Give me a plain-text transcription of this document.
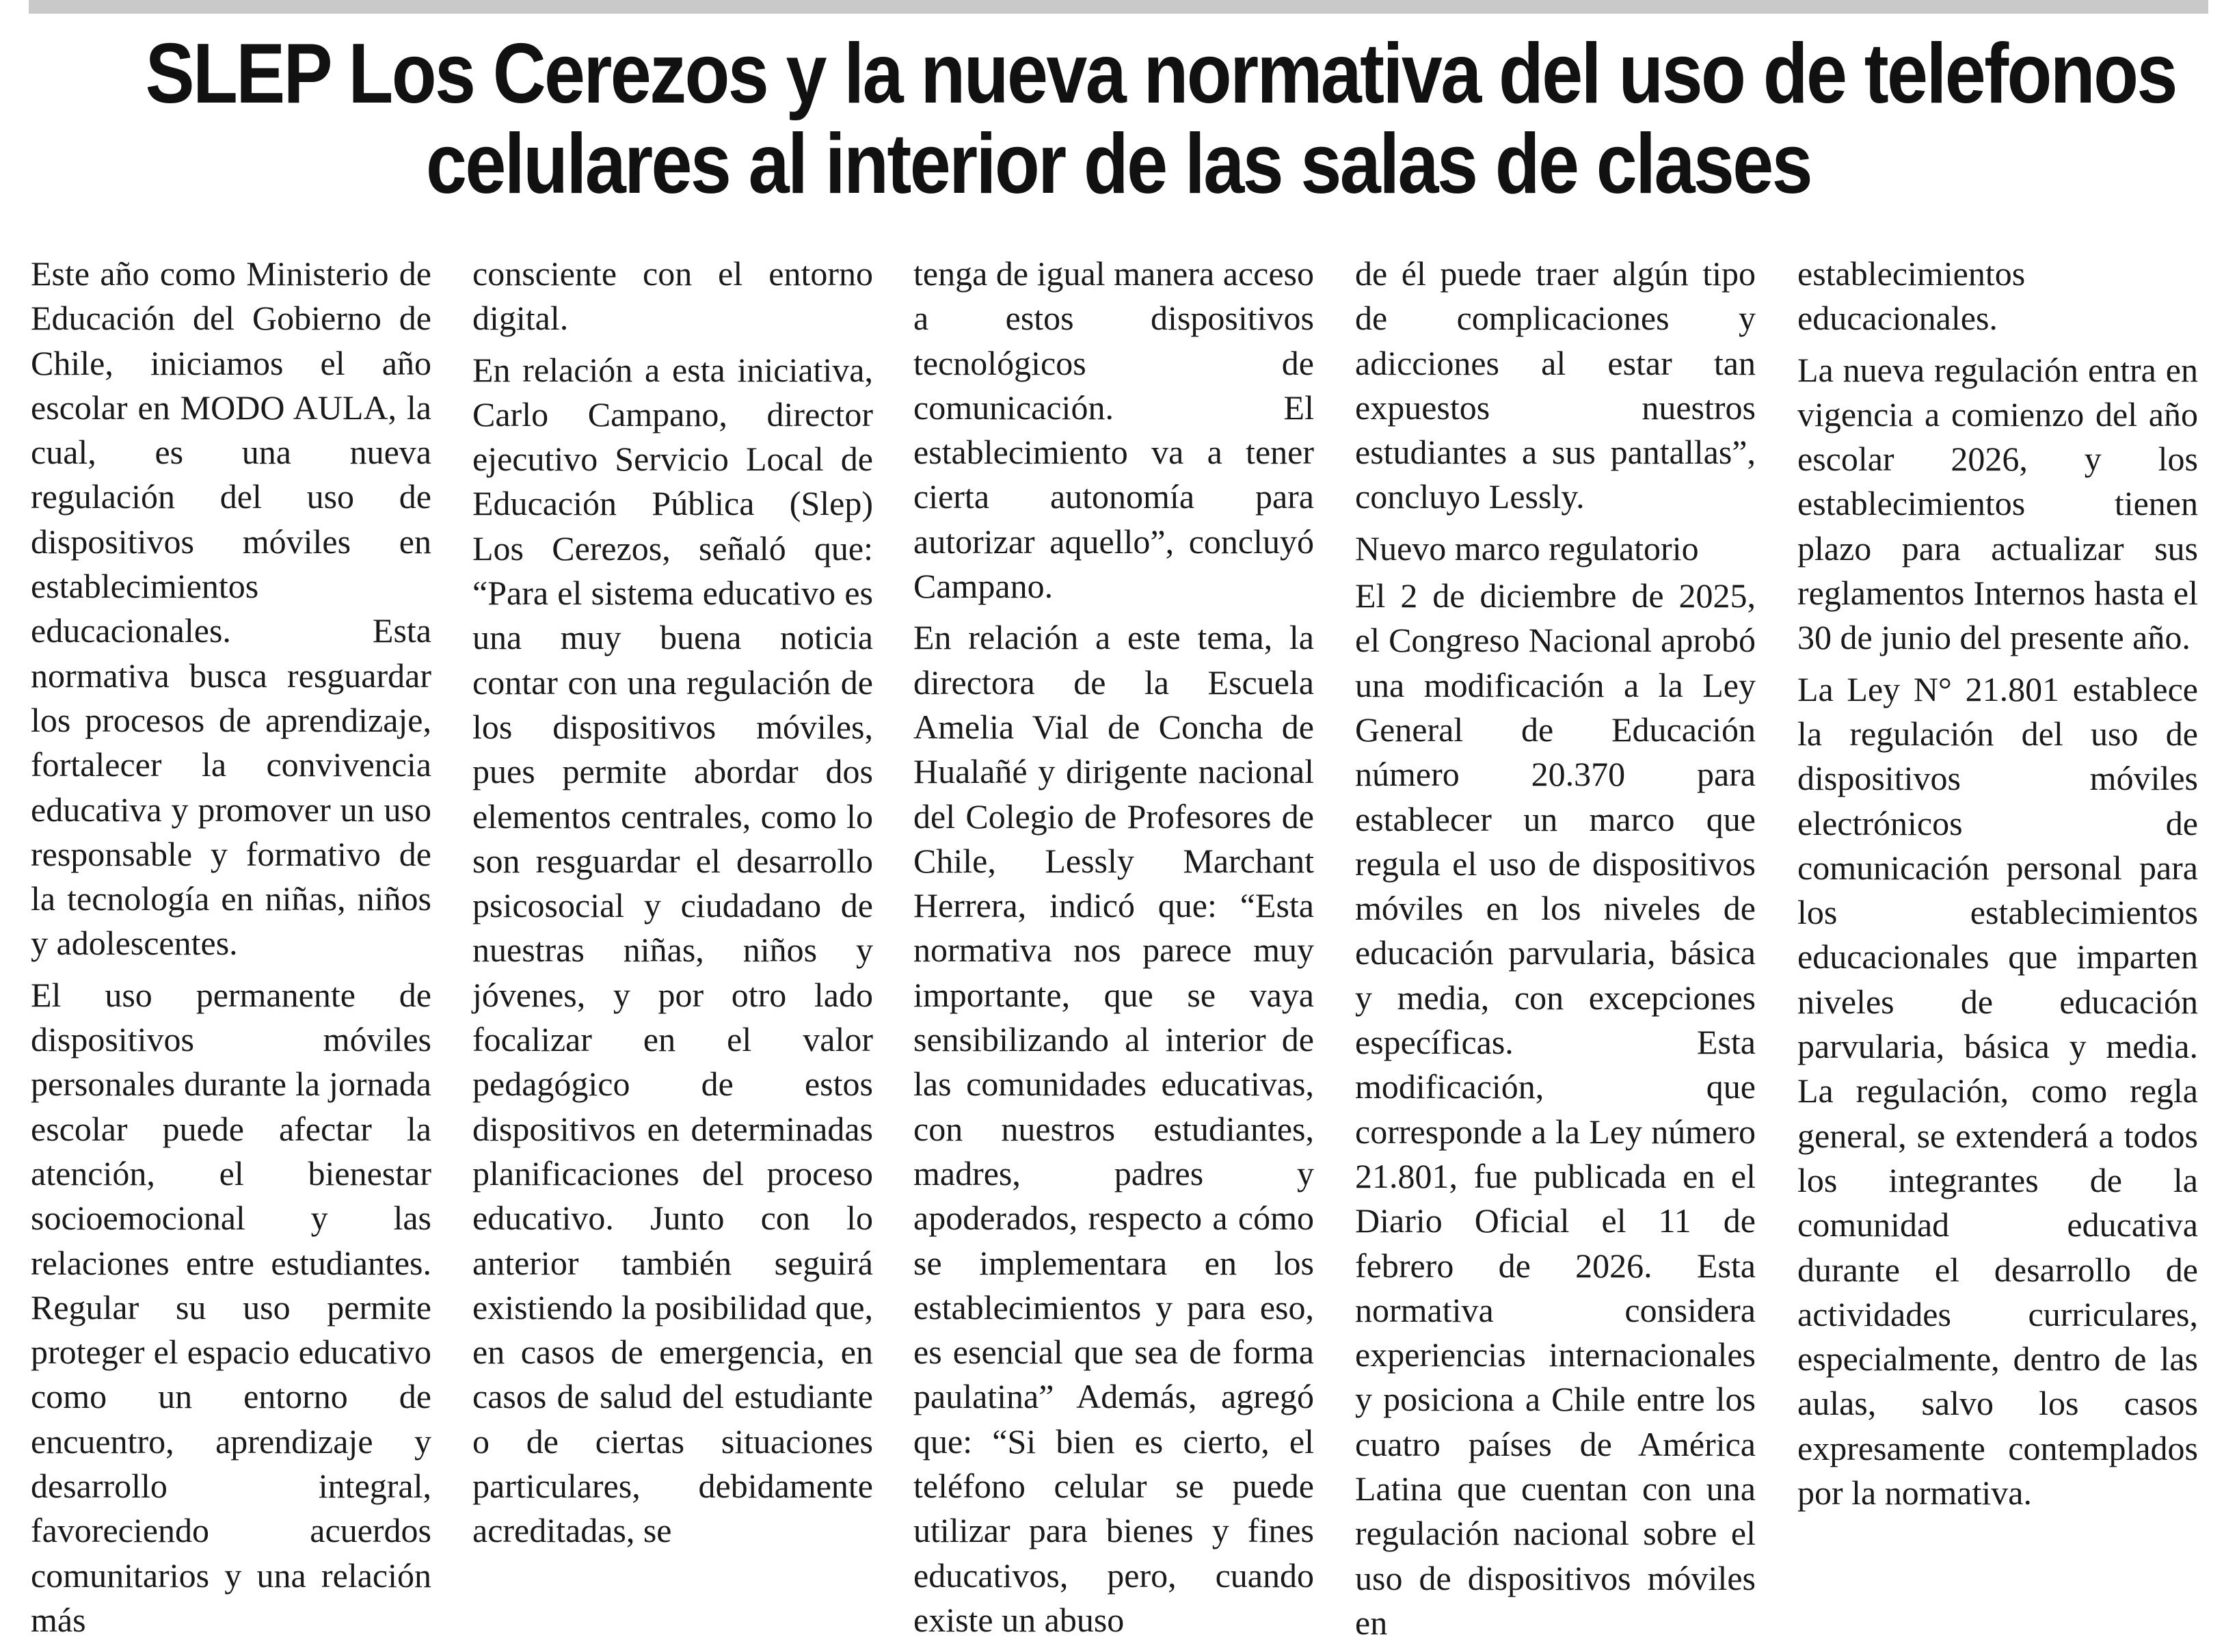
SLEP Los Cerezos y la nueva normativa del uso de telefonos
celulares al interior de las salas de clases

Este año como Ministerio de Educación del Gobierno de Chile, iniciamos el año escolar en MODO AULA, la cual, es una nueva regulación del uso de dispositivos móviles en establecimientos educacionales. Esta normativa busca resguardar los procesos de aprendizaje, fortalecer la convivencia educativa y promover un uso responsable y formativo de la tecnología en niñas, niños y adolescentes.

El uso permanente de dispositivos móviles personales durante la jornada escolar puede afectar la atención, el bienestar socioemocional y las relaciones entre estudiantes. Regular su uso permite proteger el espacio educativo como un entorno de encuentro, aprendizaje y desarrollo integral, favoreciendo acuerdos comunitarios y una relación más

consciente con el entorno digital.

En relación a esta iniciativa, Carlo Campano, director ejecutivo Servicio Local de Educación Pública (Slep) Los Cerezos, señaló que: “Para el sistema educativo es una muy buena noticia contar con una regulación de los dispositivos móviles, pues permite abordar dos elementos centrales, como lo son resguardar el desarrollo psicosocial y ciudadano de nuestras niñas, niños y jóvenes, y por otro lado focalizar en el valor pedagógico de estos dispositivos en determinadas planificaciones del proceso educativo. Junto con lo anterior también seguirá existiendo la posibilidad que, en casos de emergencia, en casos de salud del estudiante o de ciertas situaciones particulares, debidamente acreditadas, se

tenga de igual manera acceso a estos dispositivos tecnológicos de comunicación. El establecimiento va a tener cierta autonomía para autorizar aquello”, concluyó Campano.

En relación a este tema, la directora de la Escuela Amelia Vial de Concha de Hualañé y dirigente nacional del Colegio de Profesores de Chile, Lessly Marchant Herrera, indicó que: “Esta normativa nos parece muy importante, que se vaya sensibilizando al interior de las comunidades educativas, con nuestros estudiantes, madres, padres y apoderados, respecto a cómo se implementara en los establecimientos y para eso, es esencial que sea de forma paulatina” Además, agregó que: “Si bien es cierto, el teléfono celular se puede utilizar para bienes y fines educativos, pero, cuando existe un abuso

de él puede traer algún tipo de complicaciones y adicciones al estar tan expuestos nuestros estudiantes a sus pantallas”, concluyo Lessly.

Nuevo marco regulatorio

El 2 de diciembre de 2025, el Congreso Nacional aprobó una modificación a la Ley General de Educación número 20.370 para establecer un marco que regula el uso de dispositivos móviles en los niveles de educación parvularia, básica y media, con excepciones específicas. Esta modificación, que corresponde a la Ley número 21.801, fue publicada en el Diario Oficial el 11 de febrero de 2026. Esta normativa considera experiencias internacionales y posiciona a Chile entre los cuatro países de América Latina que cuentan con una regulación nacional sobre el uso de dispositivos móviles en

establecimientos educacionales.

La nueva regulación entra en vigencia a comienzo del año escolar 2026, y los establecimientos tienen plazo para actualizar sus reglamentos Internos hasta el 30 de junio del presente año.

La Ley N° 21.801 establece la regulación del uso de dispositivos móviles electrónicos de comunicación personal para los establecimientos educacionales que imparten niveles de educación parvularia, básica y media. La regulación, como regla general, se extenderá a todos los integrantes de la comunidad educativa durante el desarrollo de actividades curriculares, especialmente, dentro de las aulas, salvo los casos expresamente contemplados por la normativa.
